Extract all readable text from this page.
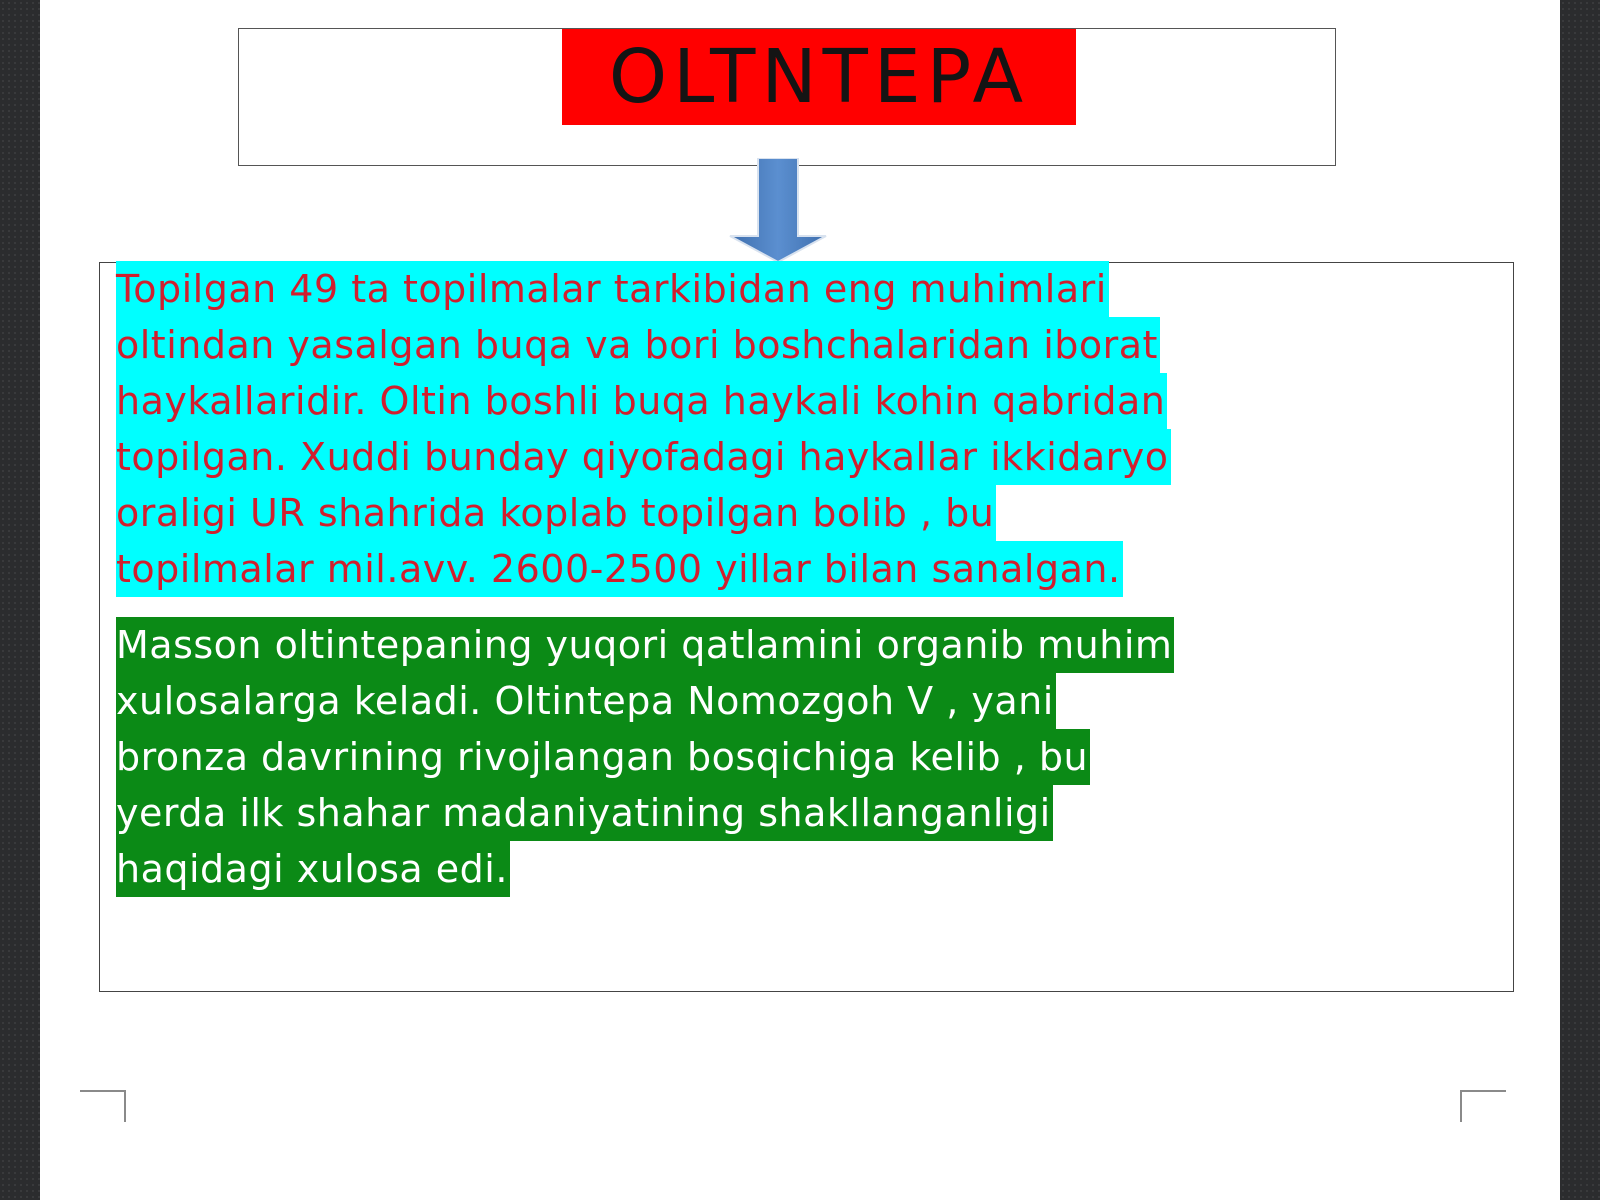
OLTNTEPA
Topilgan 49 ta topilmalar tarkibidan eng muhimlari
oltindan yasalgan buqa va bori boshchalaridan iborat
haykallaridir. Oltin boshli buqa haykali kohin qabridan
topilgan. Xuddi bunday qiyofadagi haykallar ikkidaryo
oraligi UR shahrida koplab topilgan bolib , bu
topilmalar mil.avv. 2600-2500 yillar bilan sanalgan.
Masson oltintepaning yuqori qatlamini organib muhim
xulosalarga keladi. Oltintepa Nomozgoh V , yani
bronza davrining rivojlangan bosqichiga kelib , bu
yerda ilk shahar madaniyatining shakllanganligi
haqidagi xulosa edi.
